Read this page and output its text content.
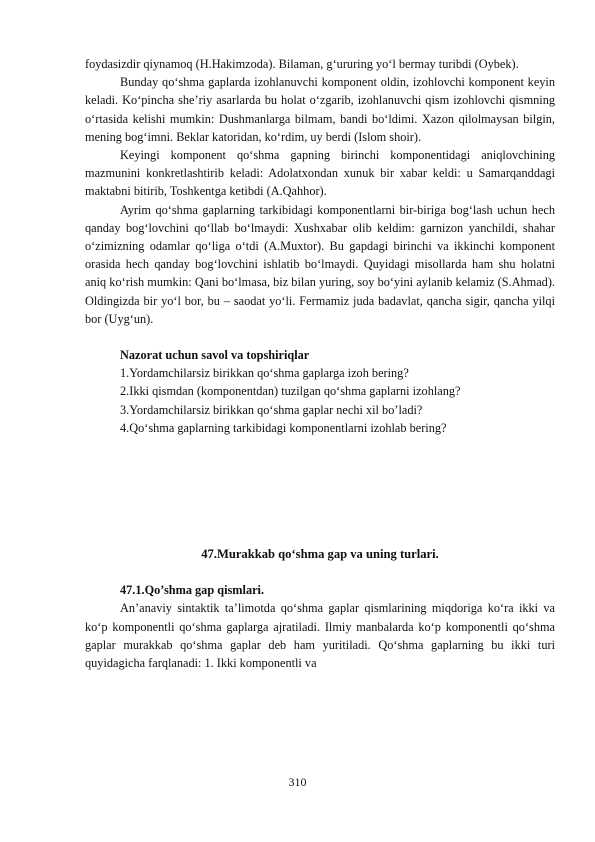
foydasizdir qiynamoq (H.Hakimzoda). Bilaman, g‘ururing yo‘l bermay turibdi (Oybek).

Bunday qo‘shma gaplarda izohlanuvchi komponent oldin, izohlovchi komponent keyin keladi. Ko‘pincha she’riy asarlarda bu holat o‘zgarib, izohlanuvchi qism izohlovchi qismning o‘rtasida kelishi mumkin: Dushmanlarga bilmam, bandi bo‘ldimi. Xazon qilolmaysan bilgin, mening bog‘imni. Beklar katoridan, ko‘rdim, uy berdi (Islom shoir).

Keyingi komponent qo‘shma gapning birinchi komponentidagi aniqlovchining mazmunini konkretlashtirib keladi: Adolatxondan xunuk bir xabar keldi: u Samarqanddagi maktabni bitirib, Toshkentga ketibdi (A.Qahhor).

Ayrim qo‘shma gaplarning tarkibidagi komponentlarni bir-biriga bog‘lash uchun hech qanday bog‘lovchini qo‘llab bo‘lmaydi: Xushxabar olib keldim: garnizon yanchildi, shahar o‘zimizning odamlar qo‘liga o‘tdi (A.Muxtor). Bu gapdagi birinchi va ikkinchi komponent orasida hech qanday bog‘lovchini ishlatib bo‘lmaydi. Quyidagi misollarda ham shu holatni aniq ko‘rish mumkin: Qani bo‘lmasa, biz bilan yuring, soy bo‘yini aylanib kelamiz (S.Ahmad). Oldingizda bir yo‘l bor, bu – saodat yo‘li. Fermamiz juda badavlat, qancha sigir, qancha yilqi bor (Uyg‘un).

Nazorat uchun savol va topshiriqlar
1.Yordamchilarsiz birikkan qo‘shma gaplarga izoh bering?
2.Ikki qismdan (komponentdan) tuzilgan qo‘shma gaplarni izohlang?
3.Yordamchilarsiz birikkan qo‘shma gaplar nechi xil bo’ladi?
4.Qo‘shma gaplarning tarkibidagi komponentlarni izohlab bering?
47.Murakkab qo‘shma gap va uning turlari.
47.1.Qo’shma gap qismlari.

An’anaviy sintaktik ta’limotda qo‘shma gaplar qismlarining miqdoriga ko‘ra ikki va ko‘p komponentli qo‘shma gaplarga ajratiladi. Ilmiy manbalarda ko‘p komponentli qo‘shma gaplar murakkab qo‘shma gaplar deb ham yuritiladi. Qo‘shma gaplarning bu ikki turi quyidagicha farqlanadi: 1. Ikki komponentli va

310
